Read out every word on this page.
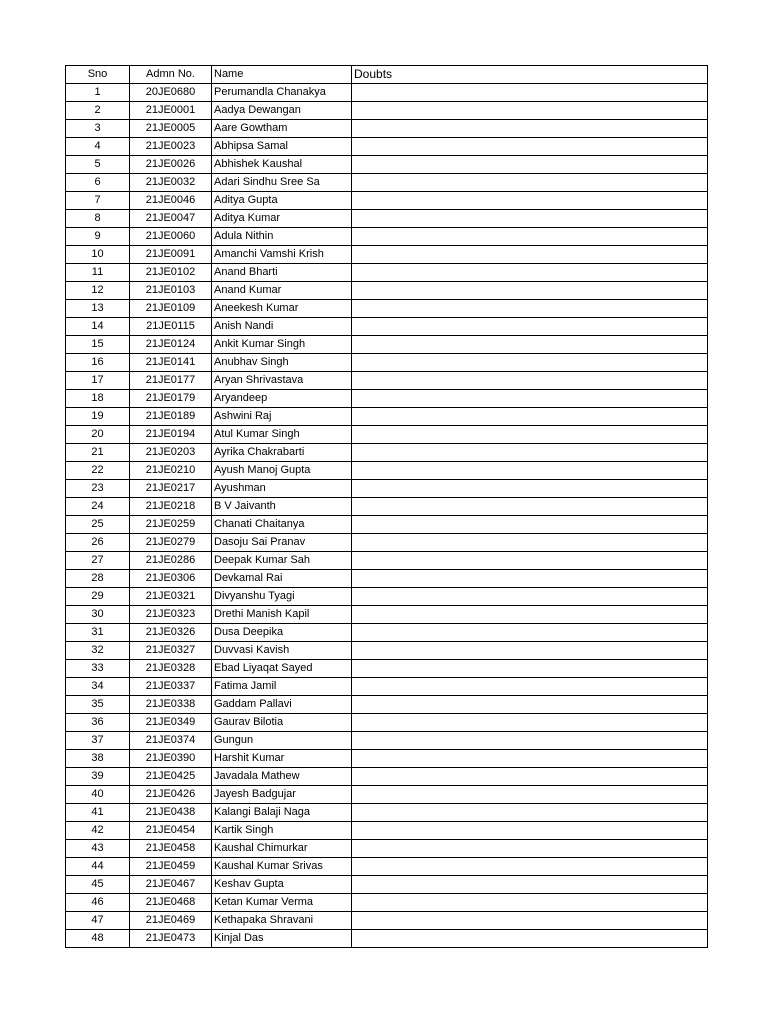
Sno	Admn No.	Name	Doubts
1	20JE0680	Perumandla Chanakya	
2	21JE0001	Aadya Dewangan	
3	21JE0005	Aare Gowtham	
4	21JE0023	Abhipsa Samal	
5	21JE0026	Abhishek Kaushal	
6	21JE0032	Adari Sindhu Sree Sa	
7	21JE0046	Aditya Gupta	
8	21JE0047	Aditya Kumar	
9	21JE0060	Adula Nithin	
10	21JE0091	Amanchi Vamshi Krish	
11	21JE0102	Anand Bharti	
12	21JE0103	Anand Kumar	
13	21JE0109	Aneekesh Kumar	
14	21JE0115	Anish Nandi	
15	21JE0124	Ankit Kumar Singh	
16	21JE0141	Anubhav Singh	
17	21JE0177	Aryan Shrivastava	
18	21JE0179	Aryandeep	
19	21JE0189	Ashwini Raj	
20	21JE0194	Atul Kumar Singh	
21	21JE0203	Ayrika Chakrabarti	
22	21JE0210	Ayush Manoj Gupta	
23	21JE0217	Ayushman	
24	21JE0218	B V Jaivanth	
25	21JE0259	Chanati Chaitanya	
26	21JE0279	Dasoju Sai Pranav	
27	21JE0286	Deepak Kumar Sah	
28	21JE0306	Devkamal Rai	
29	21JE0321	Divyanshu Tyagi	
30	21JE0323	Drethi Manish Kapil	
31	21JE0326	Dusa Deepika	
32	21JE0327	Duvvasi Kavish	
33	21JE0328	Ebad Liyaqat Sayed	
34	21JE0337	Fatima Jamil	
35	21JE0338	Gaddam Pallavi	
36	21JE0349	Gaurav Bilotia	
37	21JE0374	Gungun	
38	21JE0390	Harshit Kumar	
39	21JE0425	Javadala Mathew	
40	21JE0426	Jayesh Badgujar	
41	21JE0438	Kalangi Balaji Naga	
42	21JE0454	Kartik Singh	
43	21JE0458	Kaushal Chimurkar	
44	21JE0459	Kaushal Kumar Srivas	
45	21JE0467	Keshav Gupta	
46	21JE0468	Ketan Kumar Verma	
47	21JE0469	Kethapaka Shravani	
48	21JE0473	Kinjal Das	
